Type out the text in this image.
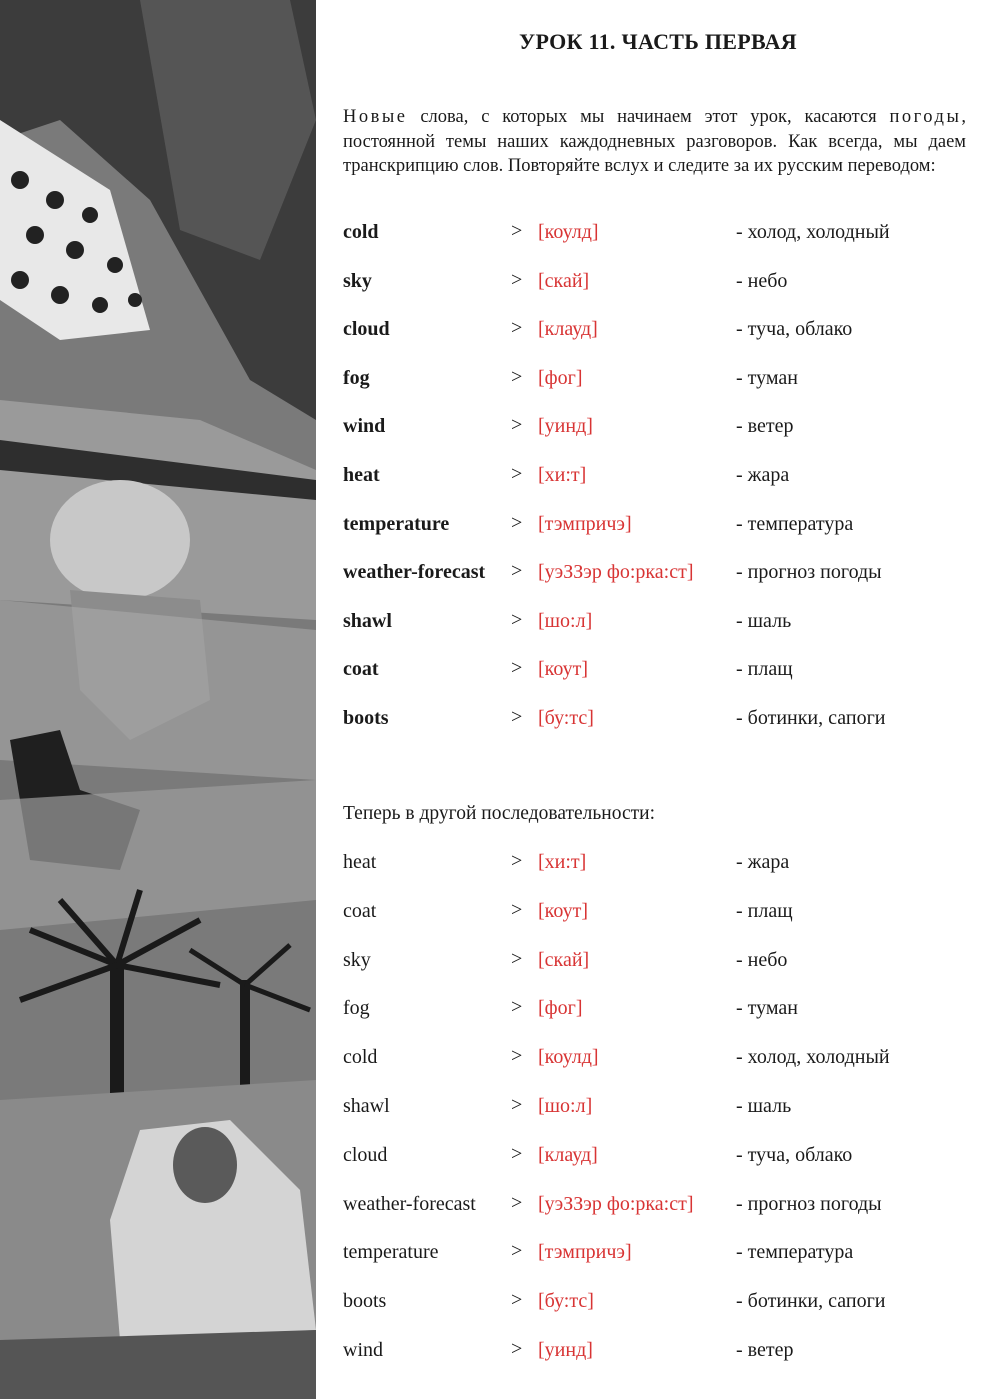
УРОК 11. ЧАСТЬ ПЕРВАЯ
Новые слова, с которых мы начинаем этот урок, касаются погоды, постоянной темы наших каждодневных разговоров. Как всегда, мы даем транскрипцию слов. Повторяйте вслух и следите за их русским переводом:
cold	> [коулд]	- холод, холодный
sky	> [скай]	- небо
cloud	> [клауд]	- туча, облако
fog	> [фог]	- туман
wind	> [уинд]	- ветер
heat	> [хи:т]	- жара
temperature	> [тэмпричэ]	- температура
weather-forecast > [уэЗЗэр фо:рка:ст] - прогноз погоды
shawl	> [шо:л]	- шаль
coat	> [коут]	- плащ
boots	> [бу:тс]	- ботинки, сапоги
Теперь в другой последовательности:
heat	> [хи:т]	- жара
coat	> [коут]	- плащ
sky	> [скай]	- небо
fog	> [фог]	- туман
cold	> [коулд]	- холод, холодный
shawl	> [шо:л]	- шаль
cloud	> [клауд]	- туча, облако
weather-forecast > [уэЗЗэр фо:рка:ст] - прогноз погоды
temperature	> [тэмпричэ]	- температура
boots	> [бу:тс]	- ботинки, сапоги
wind	> [уинд]	- ветер
